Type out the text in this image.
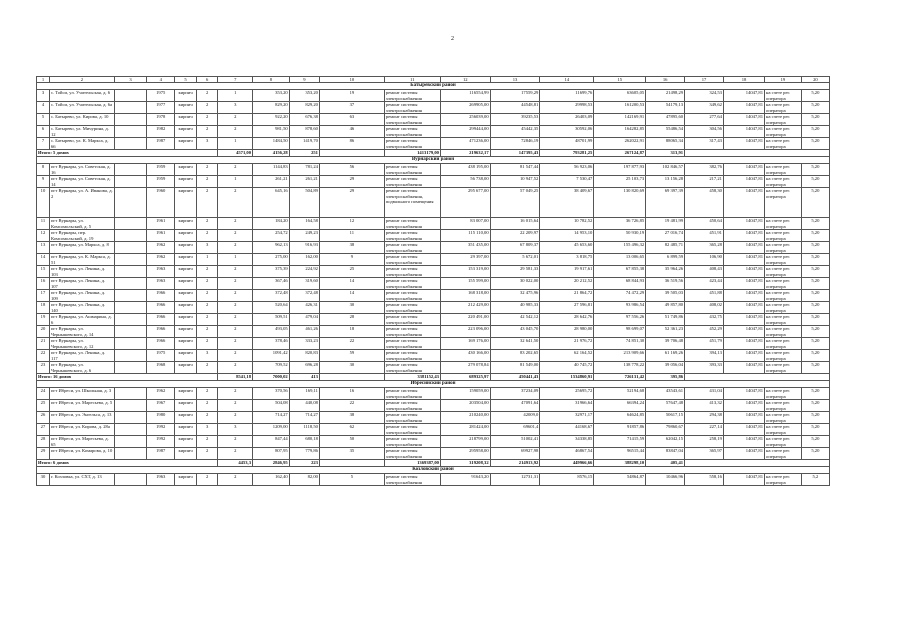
2
1	2	3	4	5	6	7	8	9	10	11	12	13	14	15	16	17	18	19	20
Батыревский район																			
3	с. Тойси, ул. Учительская, д. 6		1975	кирпич	2	1	353,20	353,20	19	ремонт системы электроснабжения	116554,99	17559,29	11699,76	63605,05	21498,29	324,53	14047,81	на счете рег. оператора	5,20
4	с. Тойси, ул. Учительская, д. 6а		1977	кирпич	2	3	829,20	829,20	37	ремонт системы электроснабжения	269905,00	44548,81	29998,53	161200,53	54179,13	349,62	14047,81	на счете рег. оператора	5,20
5	с. Батырево, ул. Кирова, д. 10		1978	кирпич	2	2	922,20	676,38	63	ремонт системы электроснабжения	256039,00	39235,53	26403,09	142169,91	47895,60	277,64	14047,81	на счете рег. оператора	5,20
6	с. Батырево, ул. Мичурина, д. 12		1982	кирпич	2	2	981,50	878,60	46	ремонт системы электроснабжения	299444,00	45442,35	30592,06	164282,85	55486,54	304,56	14047,81	на счете рег. оператора	5,20
7	с. Батырево, ул. К. Маркса, д. 66		1987	кирпич	3	1	1484,50	1419,70	86	ремонт системы электроснабжения	471236,00	72846,19	48701,99	262022,91	88065,34	317,43	14047,81	на счете рег. оператора	5,20
Итого: 5 домов						4571,00	4156,28	251		1413179,00	219632,17	147395,43	793281,25	267124,87	313,91				
Вурнарский район																			
8	пгт Вурнары, ул. Советская, д. 16		1959	кирпич	2	2	1144,83	781,24	56	ремонт системы электроснабжения	438 195,00	81 547,44	56 923,06	197 877,93	102 846,57	382,76	14047,81	на счете рег. оператора	5,20
9	пгт Вурнары, ул. Советская, д. 14		1959	кирпич	2	1	261,21	261,21	29	ремонт системы электроснабжения	56 738,00	10 947,52	7 530,47	25 103,73	13 156,28	217,21	14047,81	на счете рег. оператора	5,20
10	пгт Вурнары, ул. А. Иванова, д. 2		1960	кирпич	2	2	645,16	504,89	29	ремонт системы электроснабжения, подвального помещения	295 677,00	57 049,25	38 409,67	130 820,69	69 397,39	458,30	14047,81	на счете рег. оператора	5,20
11	пгт Вурнары, ул. Комсомольский, д. 5		1961	кирпич	2	2	184,20	164,58	12	ремонт системы электроснабжения	83 007,00	16 015,64	10 782,52	36 726,85	19 481,99	450,64	14047,81	на счете рег. оператора	5,20
12	пгт Вурнары, пер. Комсомольский, д. 19		1961	кирпич	2	2	254,72	249,23	11	ремонт системы электроснабжения	115 110,00	22 209,97	14 953,10	50 930,19	27 016,74	451,91	14047,81	на счете рег. оператора	5,20
13	пгт Вурнары, ул. Маркса, д. 8		1962	кирпич	3	2	962,13	916,93	38	ремонт системы электроснабжения	351 435,00	67 809,37	45 653,60	155 496,32	82 485,71	365,28	14047,81	на счете рег. оператора	5,20
14	пгт Вурнары, ул. К. Маркса, д. 51		1962	кирпич	1	1	275,00	162,00	9	ремонт системы электроснабжения	29 397,00	5 672,01	3 818,75	13 006,65	6 899,59	106,90	14047,81	на счете рег. оператора	5,20
15	пгт Вурнары, ул. Ленина, д. 103		1963	кирпич	2	2	375,39	224,92	25	ремонт системы электроснабжения	153 319,00	29 581,33	19 917,61	67 855,38	35 964,26	408,43	14047,81	на счете рег. оператора	5,20
16	пгт Вурнары, ул. Ленина, д. 107		1963	кирпич	2	2	367,46	319,60	14	ремонт системы электроснабжения	155 599,00	30 022,00	20 212,52	68 844,93	36 519,56	423,44	14047,81	на счете рег. оператора	5,20
17	пгт Вурнары, ул. Ленина, д. 109		1966	кирпич	2	2	372,48	372,48	14	ремонт системы электроснабжения	168 318,00	32 475,96	21 864,72	74 472,29	39 505,03	451,88	14047,81	на счете рег. оператора	5,20
18	пгт Вурнары, ул. Ленина, д. 140		1966	кирпич	2	2	520,64	426,31	30	ремонт системы электроснабжения	212 429,00	40 985,33	27 596,81	93 986,54	49 857,80	408,02	14047,81	на счете рег. оператора	5,20
19	пгт Вурнары, ул. Ашмарина, д. 6		1966	кирпич	2	2	509,51	479,04	28	ремонт системы электроснабжения	220 491,00	42 542,12	28 642,76	97 556,26	51 749,86	432,75	14047,81	на счете рег. оператора	5,20
20	пгт Вурнары, ул. Чернышевского, д. 14		1966	кирпич	2	2	493,05	461,26	18	ремонт системы электроснабжения	223 096,00	43 045,70	28 980,00	98 699,07	52 361,23	452,29	14047,81	на счете рег. оператора	5,20
21	пгт Вурнары, ул. Чернышевского, д. 12		1966	кирпич	2	2	378,46	333,23	22	ремонт системы электроснабжения	169 176,00	32 641,50	21 976,72	74 851,30	39 706,48	451,79	14047,81	на счете рег. оператора	5,20
22	пгт Вурнары, ул. Ленина, д. 117		1975	кирпич	3	2	1091,42	820,83	59	ремонт системы электроснабжения	430 166,00	83 202,65	62 164,52	213 909,66	61 169,26	394,13	14047,81	на счете рег. оператора	5,20
23	пгт Вурнары, ул. Чернышевского, д. 6		1968	кирпич	2	2	709,52	696,28	30	ремонт системы электроснабжения	279 078,84	81 549,00	40 745,72	138 778,22	39 056,04	393,33	14047,81	на счете рег. оператора	5,20
Итого: 16 домов						8541,18	7000,02	413		3381152,43	689325,97	450441,43	1534860,91	726131,42	395,86				
Ибресинский район																			
24	пгт Ибреси, ул. Школьная, д. 3		1962	кирпич	2	2	370,56	169,11	16	ремонт системы электроснабжения	159059,00	37234,09	25695,72	52194,68	43543,61	431,04	14047,81	на счете рег. оператора	5,20
25	пгт Ибреси, ул. Маресьева, д. 5		1967	кирпич	2	2	504,08	440,08	22	ремонт системы электроснабжения	203504,00	47091,64	31966,64	66394,24	57647,48	413,32	14047,81	на счете рег. оператора	5,20
26	пгт Ибреси, ул. Энгельса, д. 13		1980	кирпич	2	2	714,27	714,27	38	ремонт системы электроснабжения	210240,00	42009,0	32971,17	64624,85	50617,15	294,38	14047,81	на счете рег. оператора	5,20
27	пгт Ибреси, ул. Кирова, д. 28а		1992	кирпич	3	3	1209,00	1118,50	62	ремонт системы электроснабжения	281424,00	69601,4	44168,67	91857,86	79860,67	227,14	14047,81	на счете рег. оператора	5,20
28	пгт Ибреси, ул. Маресьева, д. 65		1992	кирпич	2	2	847,44	680,18	50	ремонт системы электроснабжения	218799,00	51002,41	34338,85	71415,59	62042,15	258,19	14047,81	на счете рег. оператора	5,20
29	пгт Ибреси, ул. Комарова, д. 10		1987	кирпич	2	2	807,95	779,86	35	ремонт системы электроснабжения	295958,00	69927,98	46867,54	96515,44	83847,04	365,97	14047,81	на счете рег. оператора	5,20
Итого: 6 домов						4453,3	2846,95	223		1369387,00	319208,32	214913,92	449966,66	388298,10	405,41				
Козловский район																			
30	г. Козловка, ул. СХТ, д. 13		1963	кирпич	2	2	162,40	82,00	5	ремонт системы электроснабжения	91643,20	12731,31	8576,15	54864,87	10466,96	558,16	14047,81	на счете рег. оператора	5,2
